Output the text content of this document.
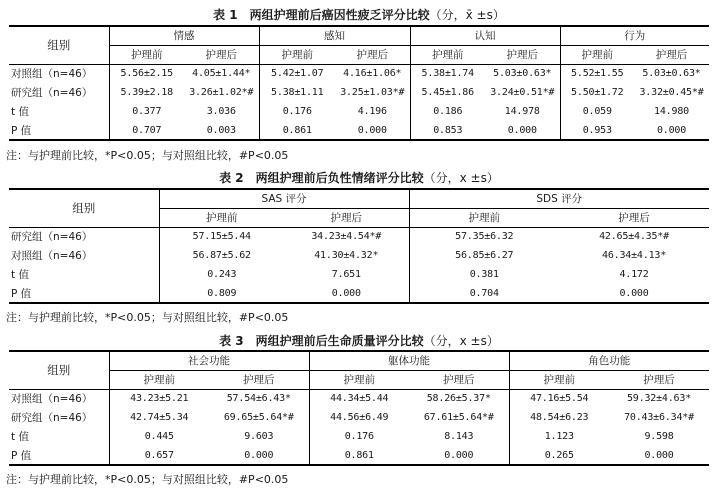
表 1　两组护理前后癌因性疲乏评分比较（分，x̄ ±s）
组别	情感		感知		认知		行为	
	护理前	护理后	护理前	护理后	护理前	护理后	护理前	护理后
对照组（n=46）	5.56±2.15	4.05±1.44*	5.42±1.07	4.16±1.06*	5.38±1.74	5.03±0.63*	5.52±1.55	5.03±0.63*
研究组（n=46）	5.39±2.18	3.26±1.02*#	5.38±1.11	3.25±1.03*#	5.45±1.86	3.24±0.51*#	5.50±1.72	3.32±0.45*#
t 值	0.377	3.036	0.176	4.196	0.186	14.978	0.059	14.980
P 值	0.707	0.003	0.861	0.000	0.853	0.000	0.953	0.000
注：与护理前比较，*P<0.05；与对照组比较，#P<0.05
表 2　两组护理前后负性情绪评分比较（分，x ±s）
组别	SAS 评分		SDS 评分	
	护理前	护理后	护理前	护理后
研究组（n=46）	57.15±5.44	34.23±4.54*#	57.35±6.32	42.65±4.35*#
对照组（n=46）	56.87±5.62	41.30±4.32*	56.85±6.27	46.34±4.13*
t 值	0.243	7.651	0.381	4.172
P 值	0.809	0.000	0.704	0.000
注：与护理前比较，*P<0.05；与对照组比较，#P<0.05
表 3　两组护理前后生命质量评分比较（分，x ±s）
组别	社会功能		躯体功能		角色功能	
	护理前	护理后	护理前	护理后	护理前	护理后
对照组（n=46）	43.23±5.21	57.54±6.43*	44.34±5.44	58.26±5.37*	47.16±5.54	59.32±4.63*
研究组（n=46）	42.74±5.34	69.65±5.64*#	44.56±6.49	67.61±5.64*#	48.54±6.23	70.43±6.34*#
t 值	0.445	9.603	0.176	8.143	1.123	9.598
P 值	0.657	0.000	0.861	0.000	0.265	0.000
注：与护理前比较，*P<0.05；与对照组比较，#P<0.05
